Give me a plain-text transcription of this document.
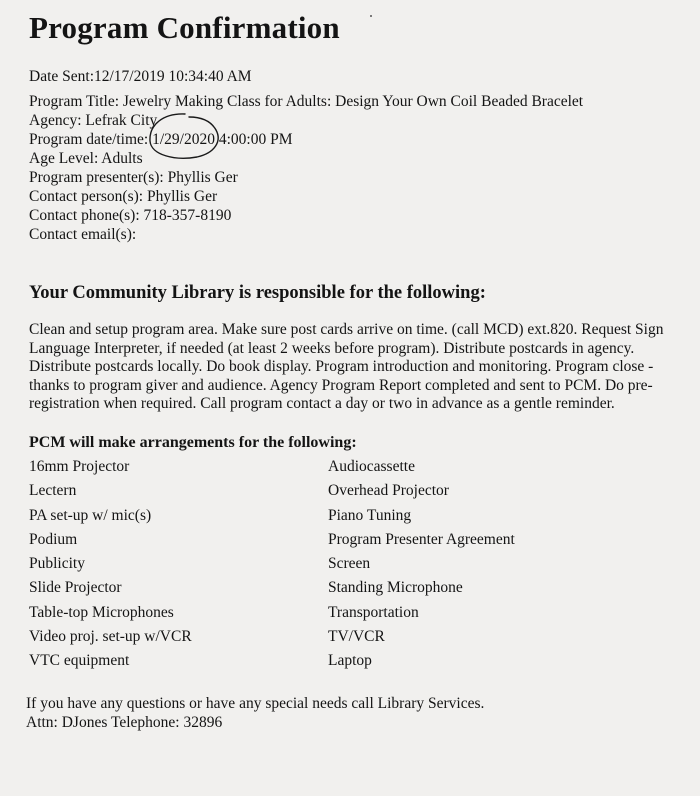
Program Confirmation
Date Sent:12/17/2019 10:34:40 AM
Program Title: Jewelry Making Class for Adults: Design Your Own Coil Beaded Bracelet
Agency: Lefrak City
Program date/time: 1/29/2020 4:00:00 PM
Age Level: Adults
Program presenter(s): Phyllis Ger
Contact person(s): Phyllis Ger
Contact phone(s): 718-357-8190
Contact email(s):
Your Community Library is responsible for the following:

Clean and setup program area. Make sure post cards arrive on time. (call MCD) ext.820. Request Sign Language Interpreter, if needed (at least 2 weeks before program). Distribute postcards in agency. Distribute postcards locally. Do book display. Program introduction and monitoring. Program close - thanks to program giver and audience. Agency Program Report completed and sent to PCM. Do pre-registration when required. Call program contact a day or two in advance as a gentle reminder.

PCM will make arrangements for the following:
16mm Projector
Lectern
PA set-up w/ mic(s)
Podium
Publicity
Slide Projector
Table-top Microphones
Video proj. set-up w/VCR
VTC equipment
Audiocassette
Overhead Projector
Piano Tuning
Program Presenter Agreement
Screen
Standing Microphone
Transportation
TV/VCR
Laptop
If you have any questions or have any special needs call Library Services.
Attn: DJones Telephone: 32896
